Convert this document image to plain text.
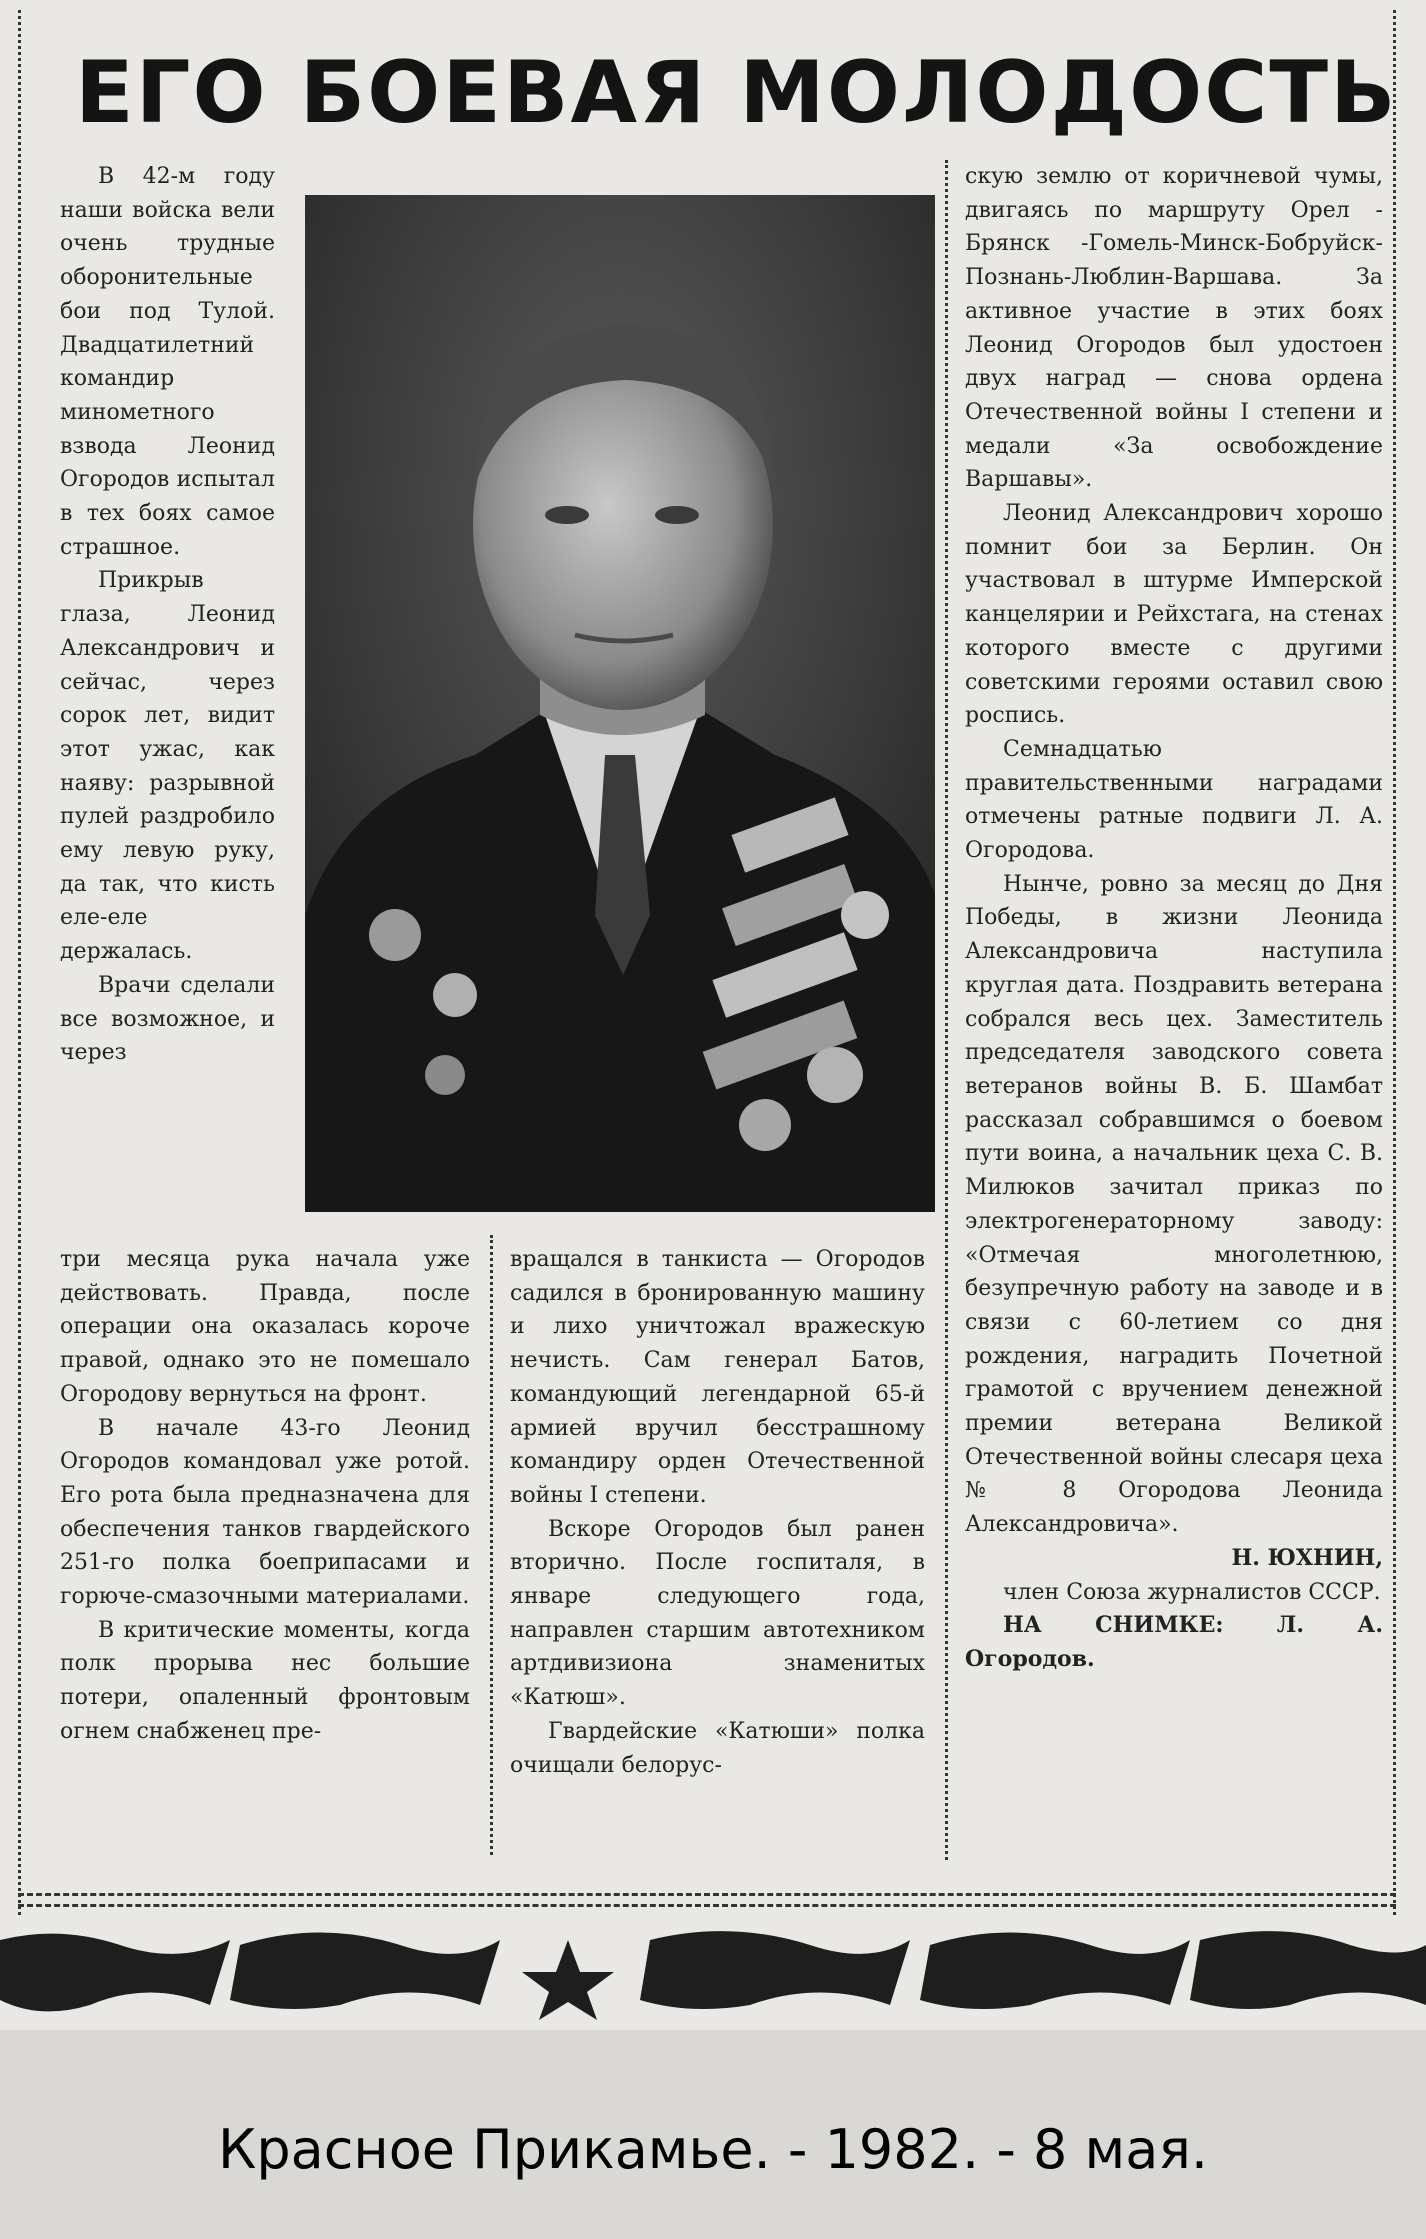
ЕГО БОЕВАЯ МОЛОДОСТЬ

В 42-м году наши войска вели очень трудные оборонительные бои под Тулой. Двадцатилетний командир минометного взвода Леонид Огородов испытал в тех боях самое страшное.

Прикрыв глаза, Леонид Александрович и сейчас, через сорок лет, видит этот ужас, как наяву: разрывной пулей раздробило ему левую руку, да так, что кисть еле-еле держалась.

Врачи сделали все возможное, и через

три месяца рука начала уже действовать. Правда, после операции она оказалась короче правой, однако это не помешало Огородову вернуться на фронт.

В начале 43-го Леонид Огородов командовал уже ротой. Его рота была предназначена для обеспечения танков гвардейского 251-го полка боеприпасами и горюче-смазочными материалами.

В критические моменты, когда полк прорыва нес большие потери, опаленный фронтовым огнем снабженец пре-

вращался в танкиста — Огородов садился в бронированную машину и лихо уничтожал вражескую нечисть. Сам генерал Батов, командующий легендарной 65-й армией вручил бесстрашному командиру орден Отечественной войны I степени.

Вскоре Огородов был ранен вторично. После госпиталя, в январе следующего года, направлен старшим автотехником артдивизиона знаменитых «Катюш».

Гвардейские «Катюши» полка очищали белорус-

скую землю от коричневой чумы, двигаясь по маршруту Орел - Брянск -Гомель-Минск-Бобруйск-Познань-Люблин-Варшава. За активное участие в этих боях Леонид Огородов был удостоен двух наград — снова ордена Отечественной войны I степени и медали «За освобождение Варшавы».

Леонид Александрович хорошо помнит бои за Берлин. Он участвовал в штурме Имперской канцелярии и Рейхстага, на стенах которого вместе с другими советскими героями оставил свою роспись.

Семнадцатью правительственными наградами отмечены ратные подвиги Л. А. Огородова.

Нынче, ровно за месяц до Дня Победы, в жизни Леонида Александровича наступила круглая дата. Поздравить ветерана собрался весь цех. Заместитель председателя заводского совета ветеранов войны В. Б. Шамбат рассказал собравшимся о боевом пути воина, а начальник цеха С. В. Милюков зачитал приказ по электрогенераторному заводу: «Отмечая многолетнюю, безупречную работу на заводе и в связи с 60-летием со дня рождения, наградить Почетной грамотой с вручением денежной премии ветерана Великой Отечественной войны слесаря цеха № 8 Огородова Леонида Александровича».

Н. ЮХНИН,

член Союза журналистов СССР.

НА СНИМКЕ: Л. А. Огородов.

Красное Прикамье. - 1982. - 8 мая.
